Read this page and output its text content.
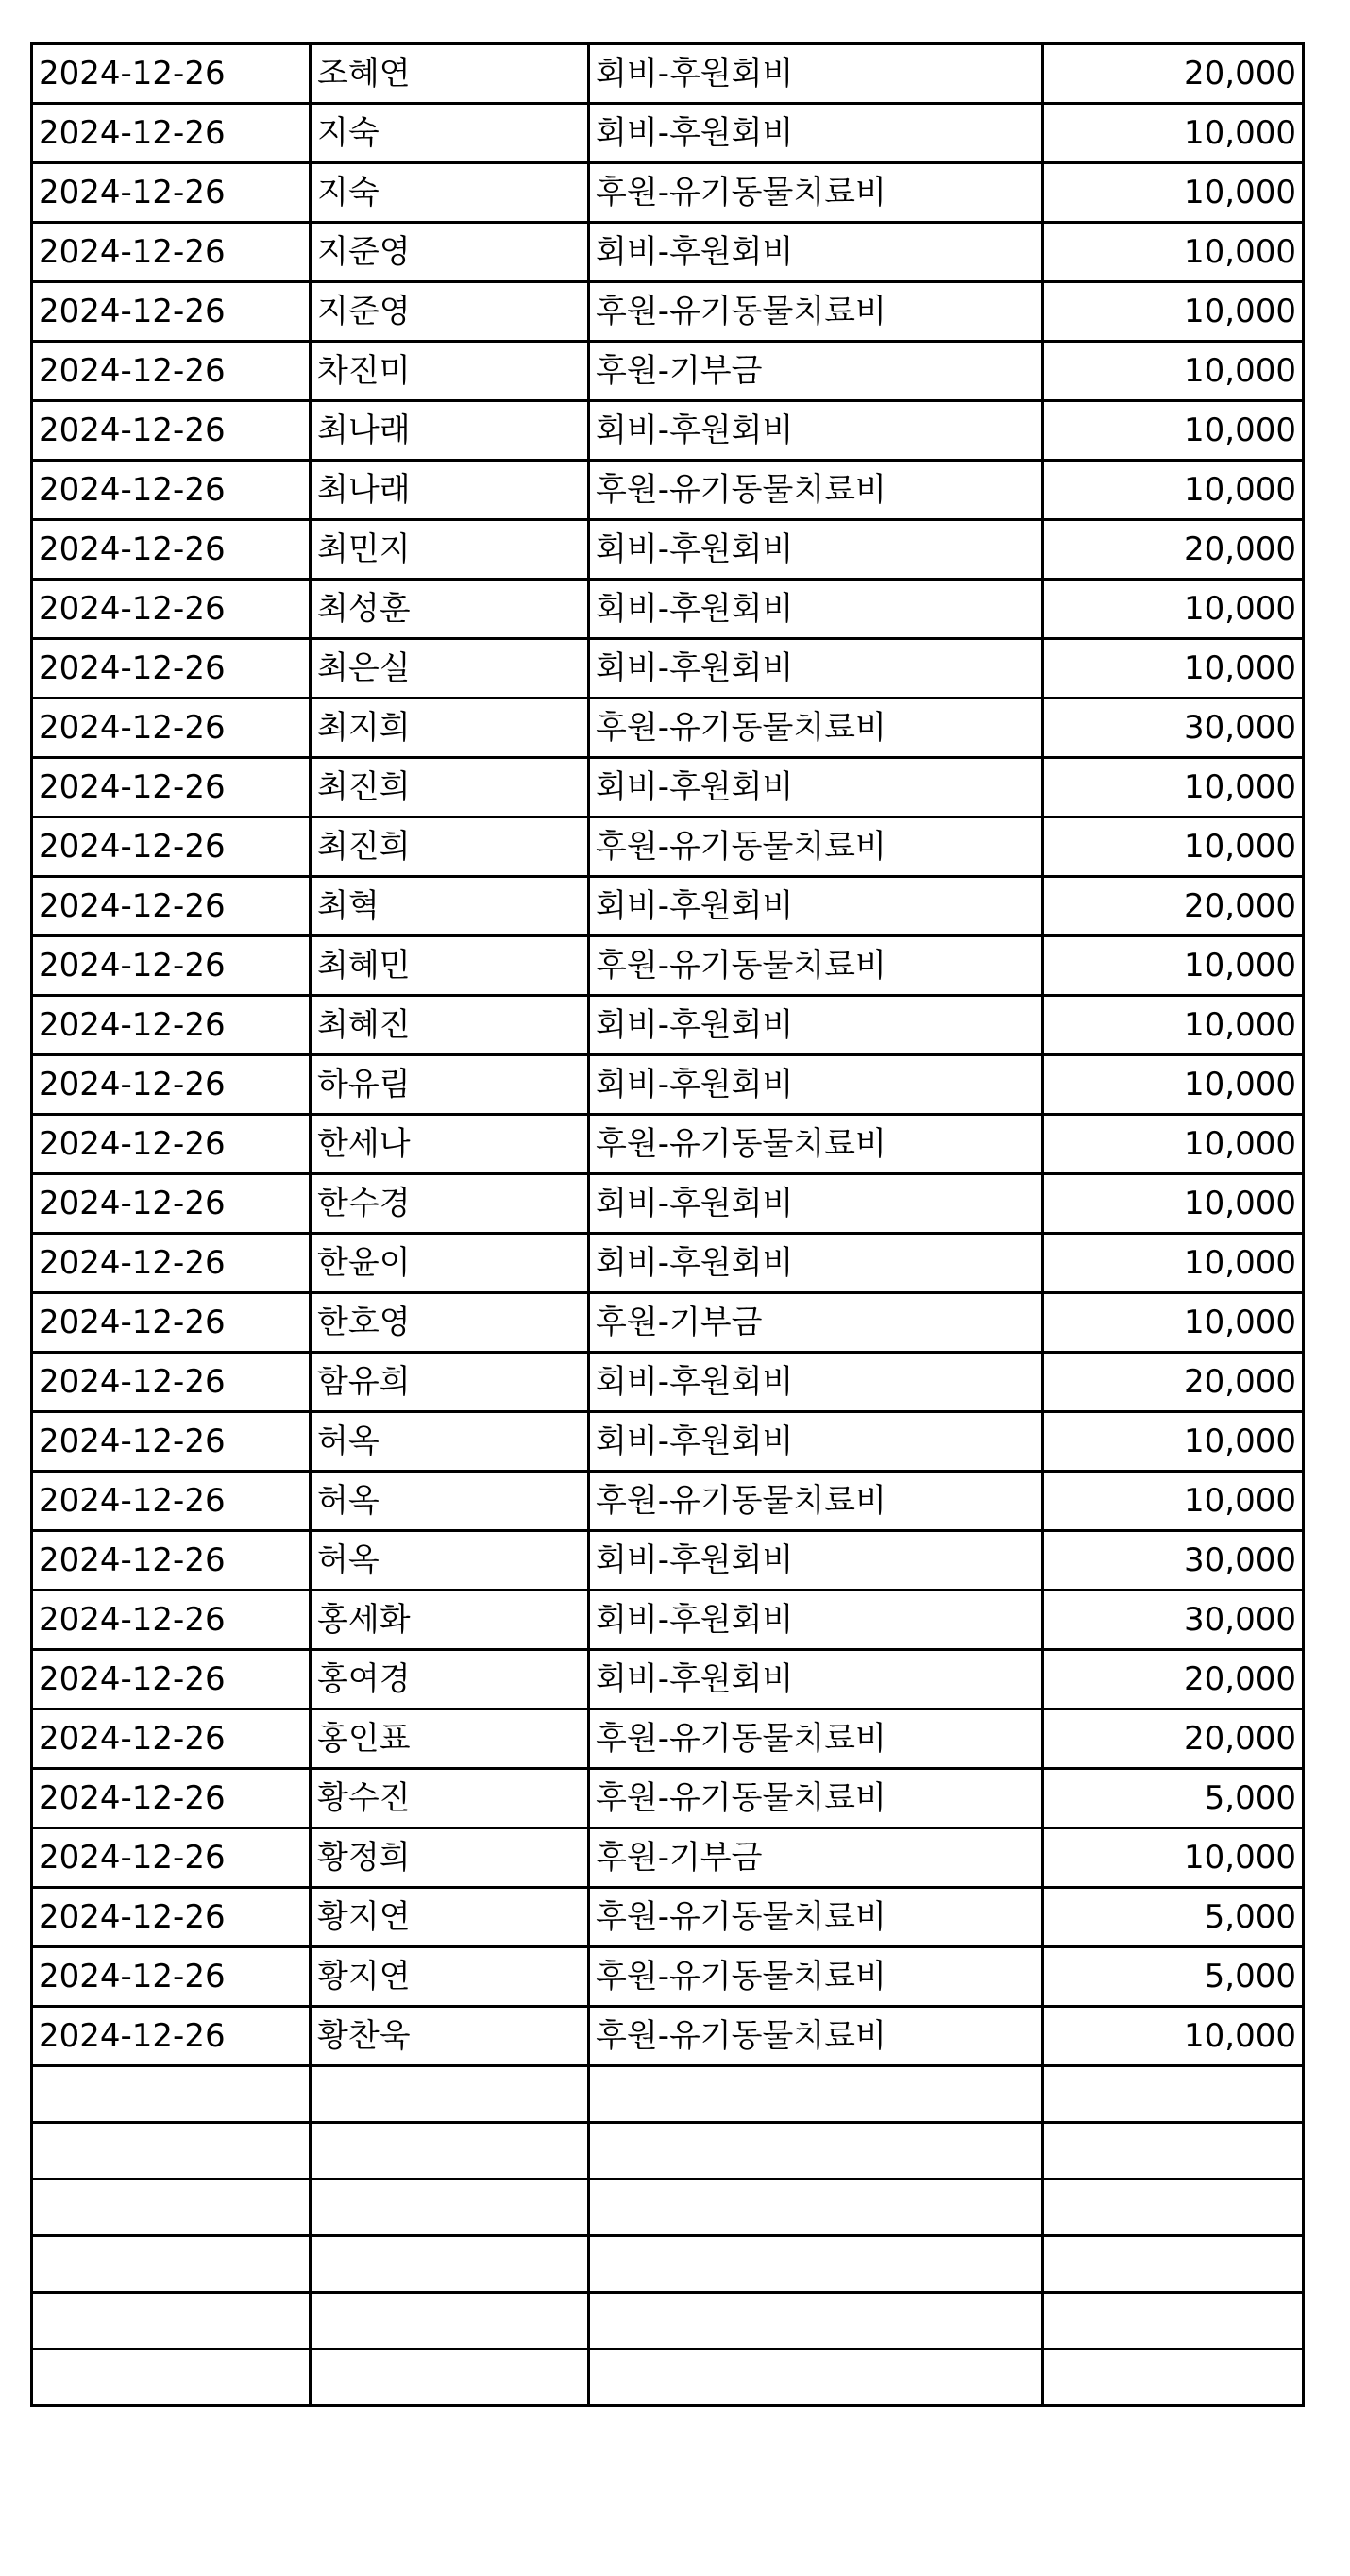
2024-12-26	조혜연	회비-후원회비	20,000
2024-12-26	지숙	회비-후원회비	10,000
2024-12-26	지숙	후원-유기동물치료비	10,000
2024-12-26	지준영	회비-후원회비	10,000
2024-12-26	지준영	후원-유기동물치료비	10,000
2024-12-26	차진미	후원-기부금	10,000
2024-12-26	최나래	회비-후원회비	10,000
2024-12-26	최나래	후원-유기동물치료비	10,000
2024-12-26	최민지	회비-후원회비	20,000
2024-12-26	최성훈	회비-후원회비	10,000
2024-12-26	최은실	회비-후원회비	10,000
2024-12-26	최지희	후원-유기동물치료비	30,000
2024-12-26	최진희	회비-후원회비	10,000
2024-12-26	최진희	후원-유기동물치료비	10,000
2024-12-26	최혁	회비-후원회비	20,000
2024-12-26	최혜민	후원-유기동물치료비	10,000
2024-12-26	최혜진	회비-후원회비	10,000
2024-12-26	하유림	회비-후원회비	10,000
2024-12-26	한세나	후원-유기동물치료비	10,000
2024-12-26	한수경	회비-후원회비	10,000
2024-12-26	한윤이	회비-후원회비	10,000
2024-12-26	한호영	후원-기부금	10,000
2024-12-26	함유희	회비-후원회비	20,000
2024-12-26	허옥	회비-후원회비	10,000
2024-12-26	허옥	후원-유기동물치료비	10,000
2024-12-26	허옥	회비-후원회비	30,000
2024-12-26	홍세화	회비-후원회비	30,000
2024-12-26	홍여경	회비-후원회비	20,000
2024-12-26	홍인표	후원-유기동물치료비	20,000
2024-12-26	황수진	후원-유기동물치료비	5,000
2024-12-26	황정희	후원-기부금	10,000
2024-12-26	황지연	후원-유기동물치료비	5,000
2024-12-26	황지연	후원-유기동물치료비	5,000
2024-12-26	황찬욱	후원-유기동물치료비	10,000
